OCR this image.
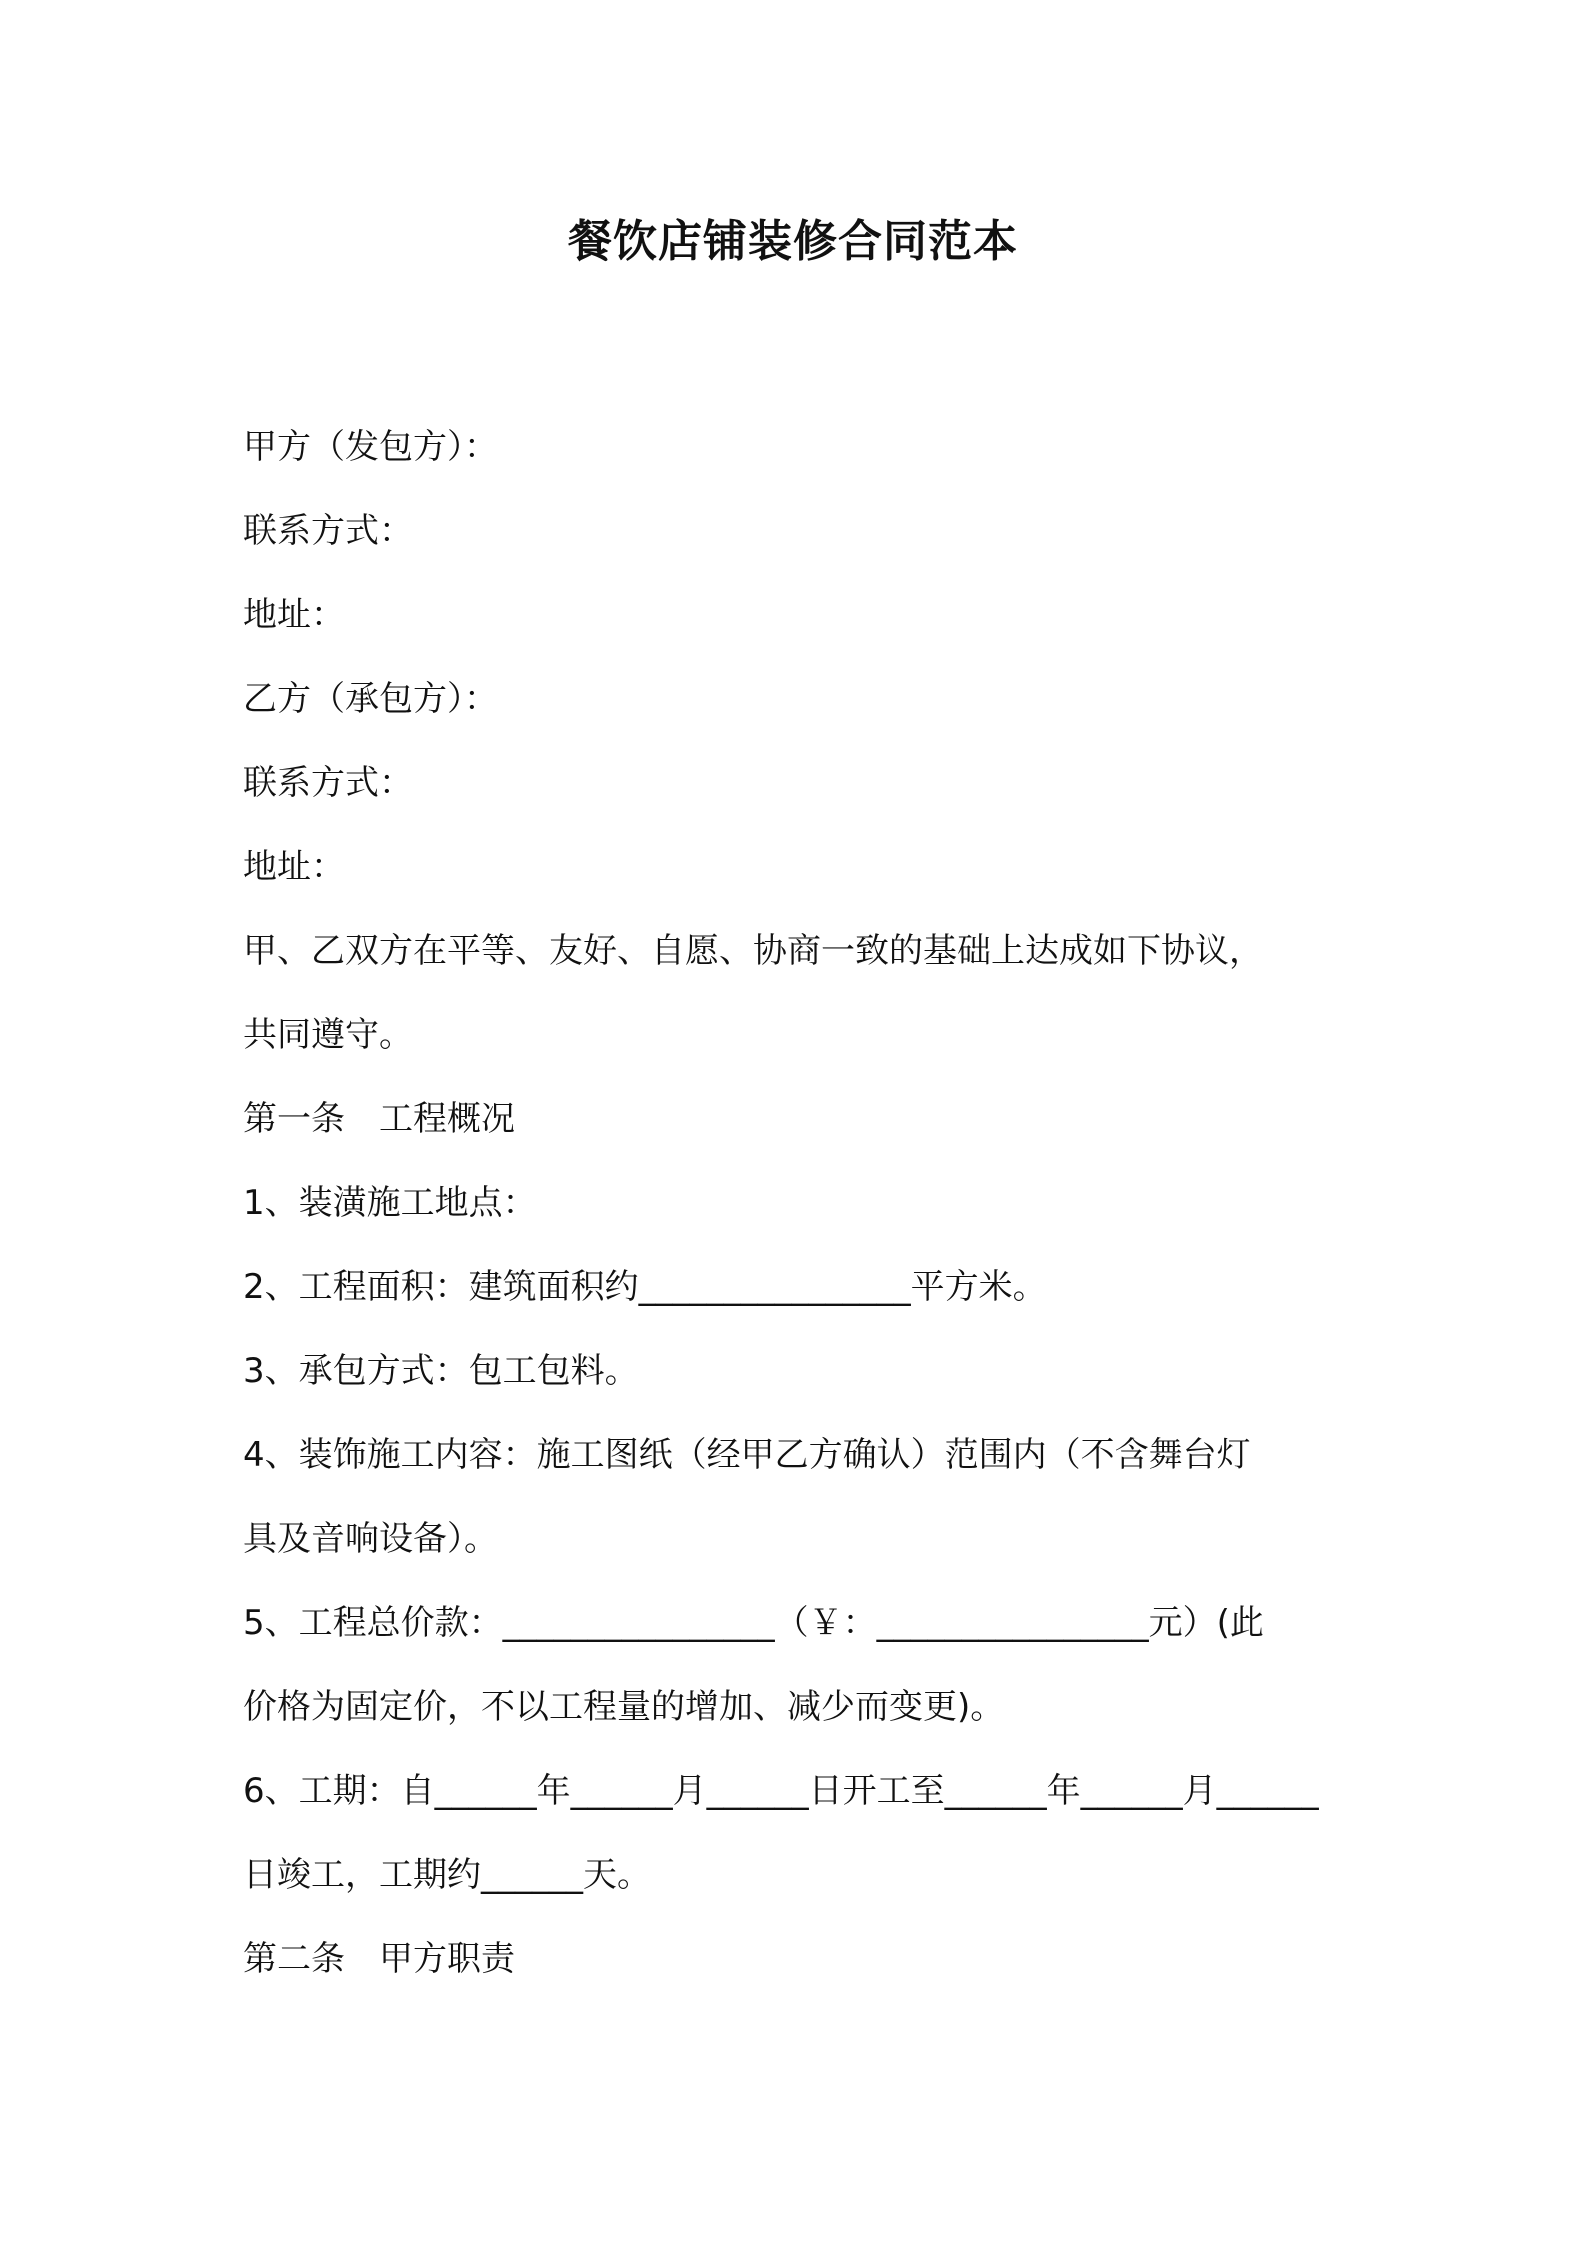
餐饮店铺装修合同范本
甲方（发包方）：
联系方式：
地址：
乙方（承包方）：
联系方式：
地址：
甲、乙双方在平等、友好、自愿、协商一致的基础上达成如下协议，
共同遵守。
第一条　工程概况
1、装潢施工地点：
2、工程面积：建筑面积约________________平方米。
3、承包方式：包工包料。
4、装饰施工内容：施工图纸（经甲乙方确认）范围内（不含舞台灯
具及音响设备）。
5、工程总价款：________________（￥：________________元）(此
价格为固定价，不以工程量的增加、减少而变更)。
6、工期：自______年______月______日开工至______年______月______
日竣工，工期约______天。
第二条　甲方职责
